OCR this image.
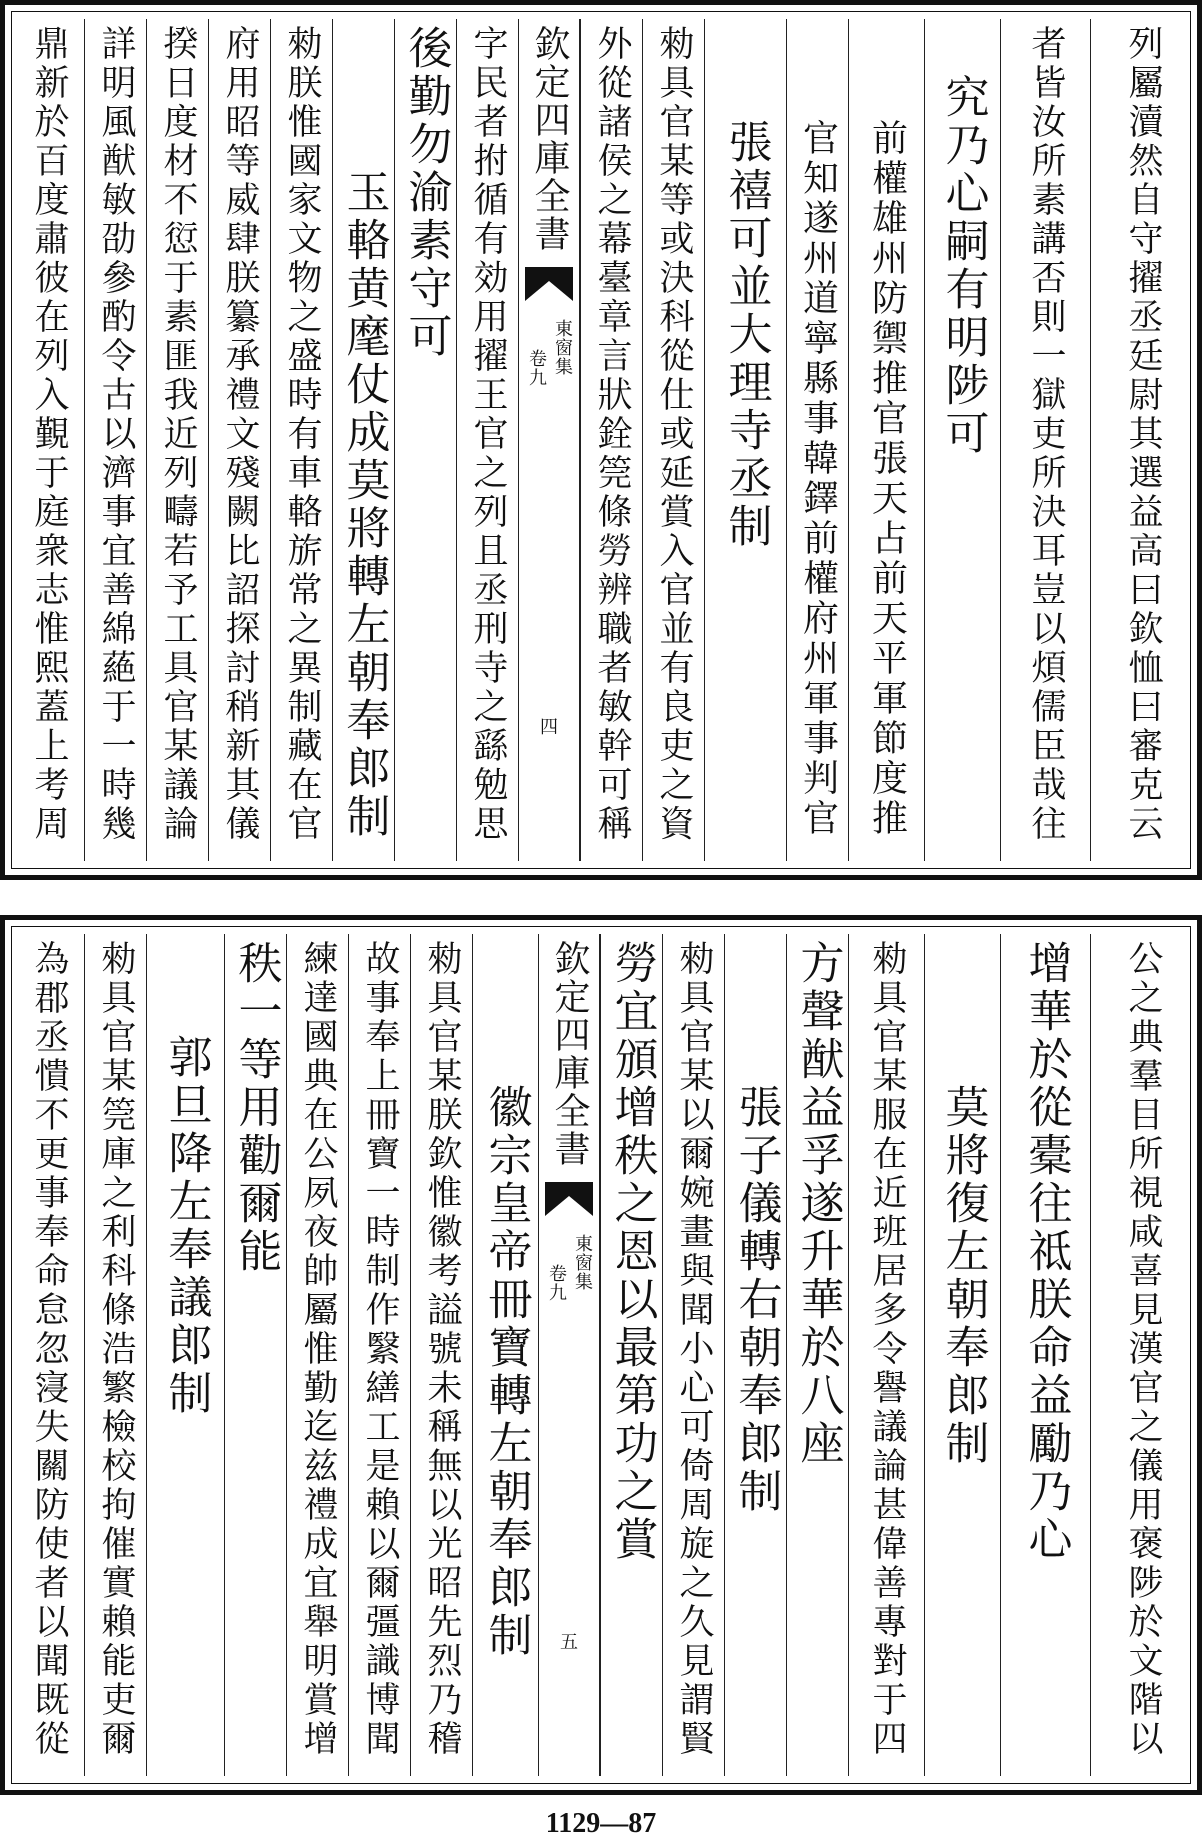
鼎新於百度肅彼在列入覲于庭衆志惟熙蓋上考周 詳明風猷敏劭參酌令古以濟事宜善綿蕝于一時幾 揆日度材不愆于素匪我近列疇若予工具官某議論 府用昭等威肆朕纂承禮文殘闕比詔探討稍新其儀 勑朕惟國家文物之盛時有車輅旂常之異制藏在官 玉輅黄麾仗成莫將轉左朝奉郎制 後勤勿渝素守可 字民者拊循有効用擢王官之列且丞刑寺之繇勉思 欽定四庫全書
東窗集
卷九
四 外從諸侯之幕臺章言狀銓筦條勞辨職者敏幹可稱 勑具官某等或決科從仕或延賞入官並有良吏之資 張禧可並大理寺丞制 官知遂州道寧縣事韓鐸前權府州軍事判官 前權雄州防禦推官張天占前天平軍節度推 究乃心嗣有明陟可 者皆汝所素講否則一獄吏所決耳豈以煩儒臣哉往 列屬瀆然自守擢丞廷尉其選益高曰欽恤曰審克云
為郡丞憒不更事奉命怠忽寖失關防使者以聞既從 勑具官某筦庫之利科條浩繁檢校拘催實賴能吏爾 郭旦降左奉議郎制 秩一等用勸爾能 練達國典在公夙夜帥屬惟勤迄兹禮成宜舉明賞增 故事奉上冊寶一時制作繄繕工是賴以爾彊識博聞 勑具官某朕欽惟徽考謚號未稱無以光昭先烈乃稽 徽宗皇帝冊寶轉左朝奉郎制
欽定四庫全書
東窗集
卷九
五
勞宜頒增秩之恩以最第功之賞 勑具官某以爾婉畫與聞小心可倚周旋之久見謂賢 張子儀轉右朝奉郎制 方聲猷益孚遂升華於八座 勑具官某服在近班居多令譽議論甚偉善專對于四 莫將復左朝奉郎制 增華於從橐往祗朕命益勵乃心 公之典羣目所視咸喜見漢官之儀用褒陟於文階以
1129—87
